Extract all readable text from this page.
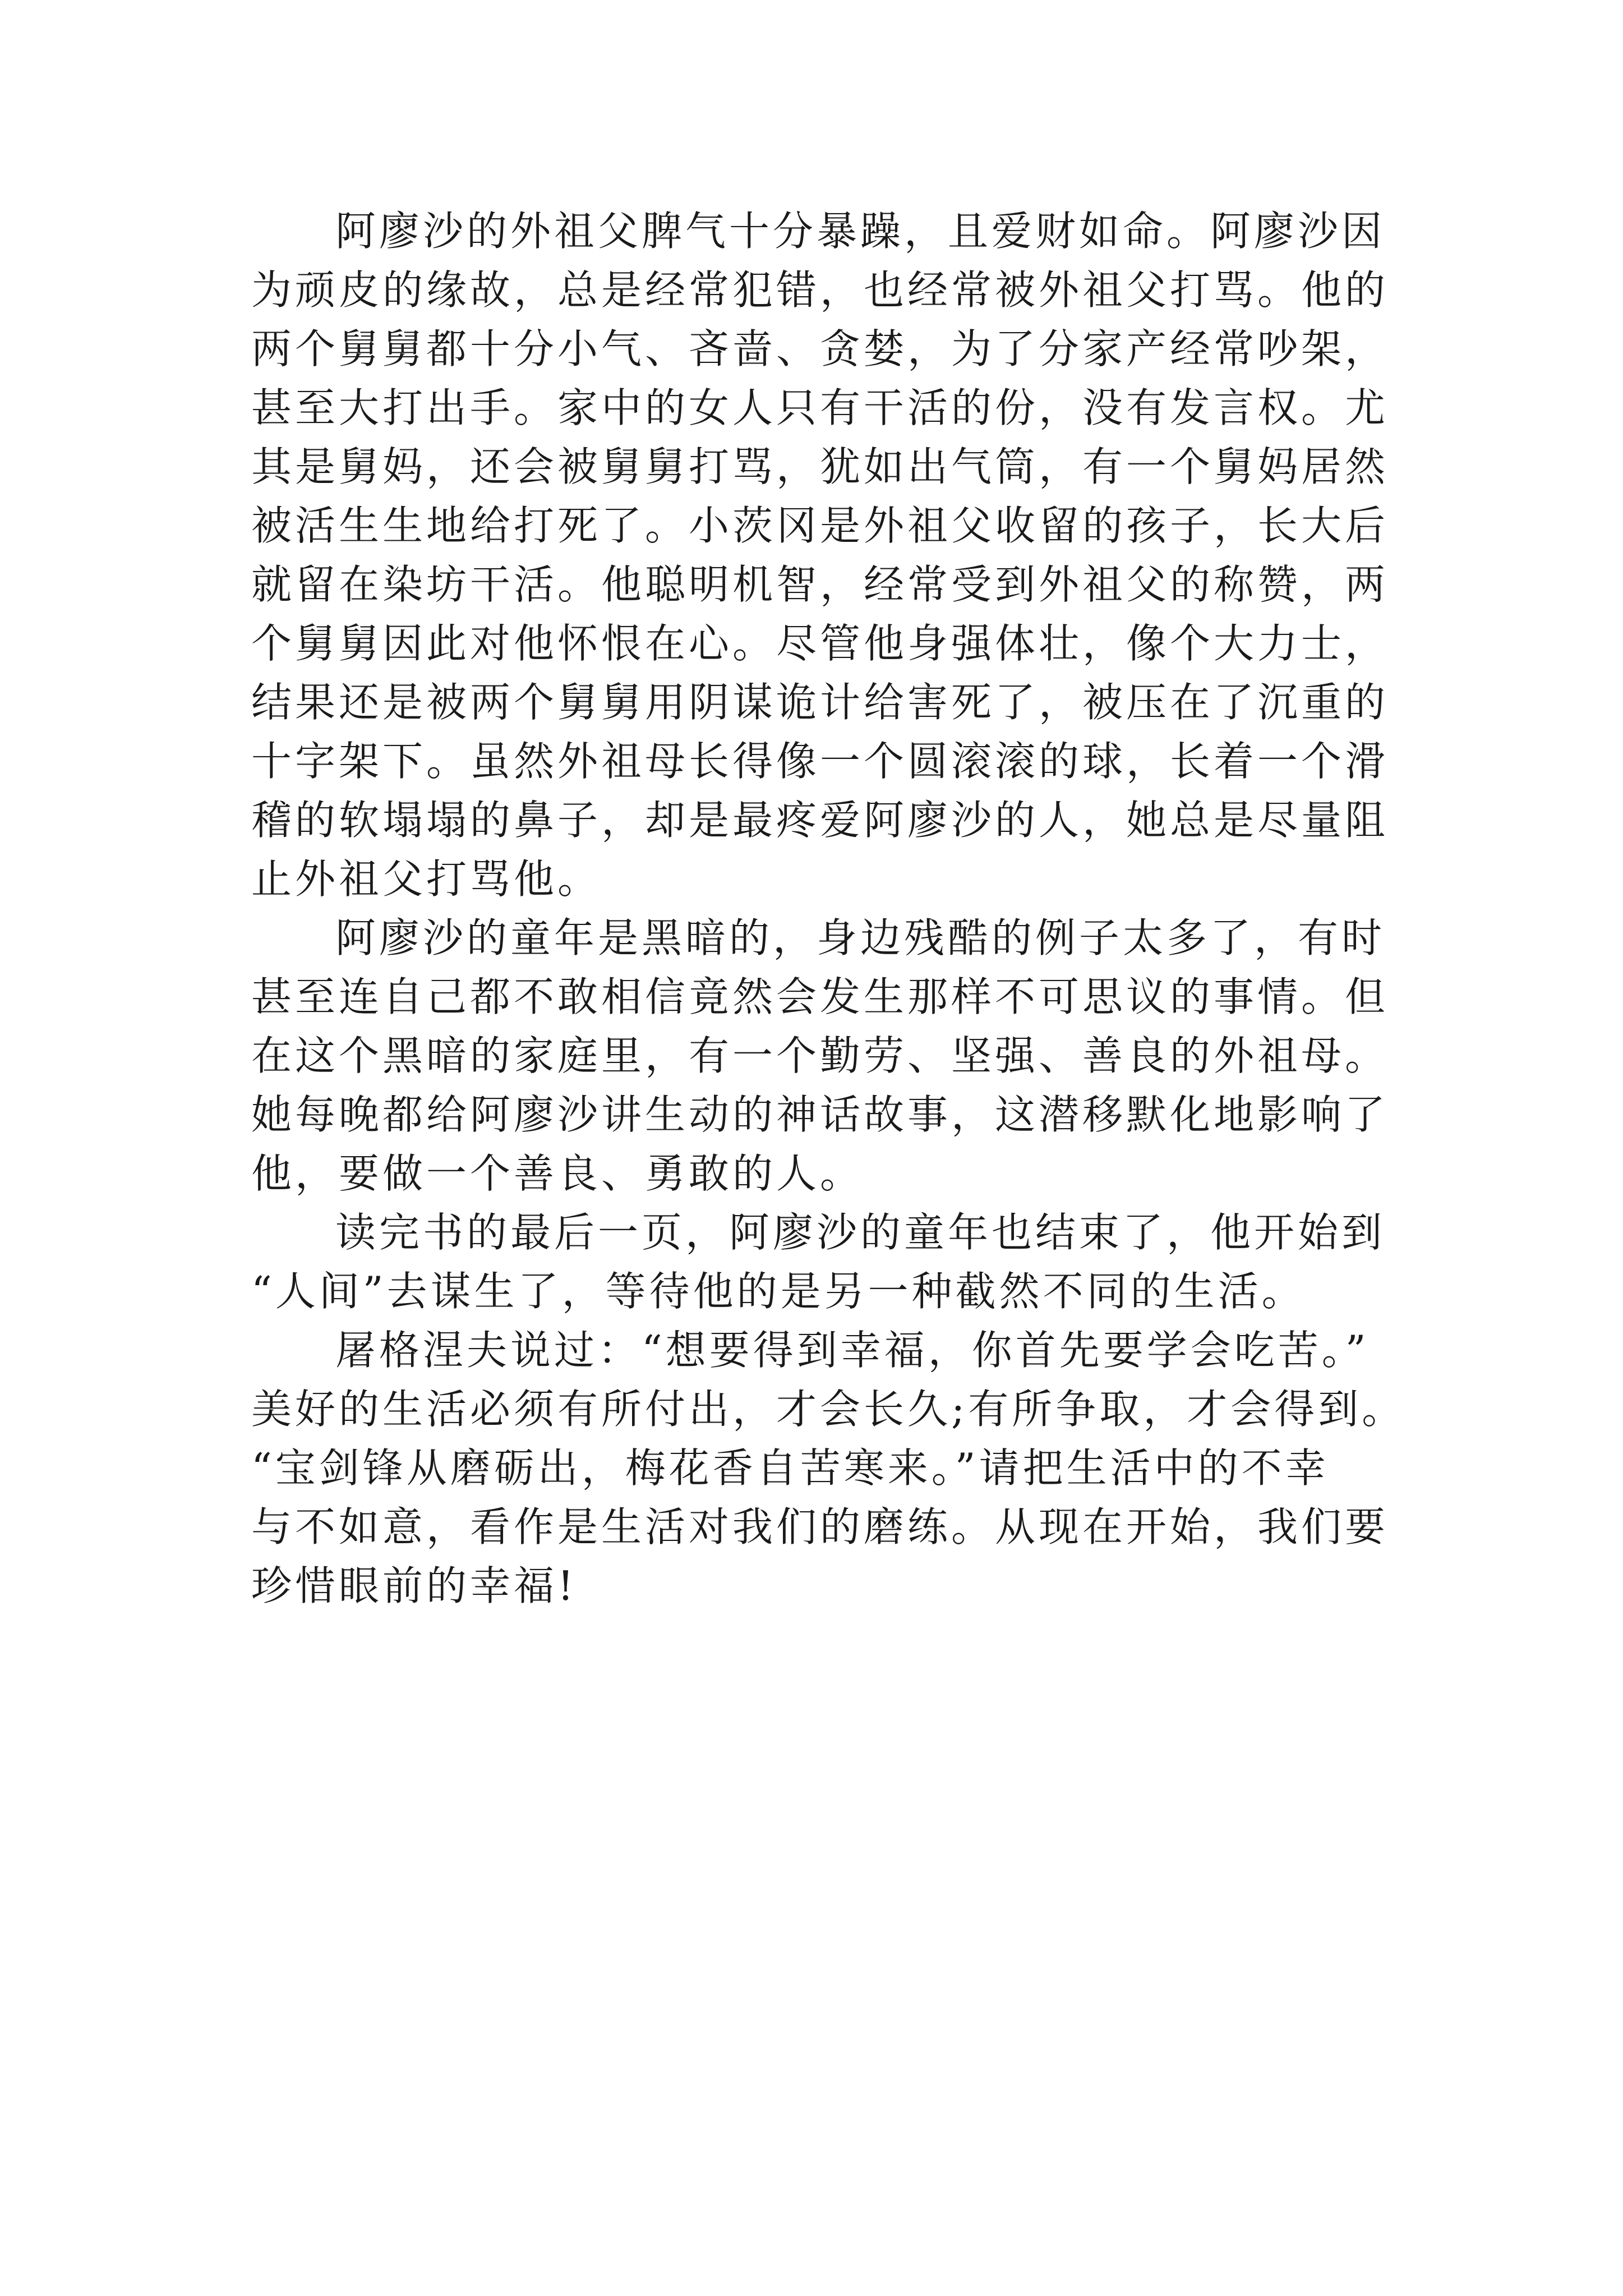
阿廖沙的外祖父脾气十分暴躁，且爱财如命。阿廖沙因
为顽皮的缘故，总是经常犯错，也经常被外祖父打骂。他的
两个舅舅都十分小气、吝啬、贪婪，为了分家产经常吵架，
甚至大打出手。家中的女人只有干活的份，没有发言权。尤
其是舅妈，还会被舅舅打骂，犹如出气筒，有一个舅妈居然
被活生生地给打死了。小茨冈是外祖父收留的孩子，长大后
就留在染坊干活。他聪明机智，经常受到外祖父的称赞，两
个舅舅因此对他怀恨在心。尽管他身强体壮，像个大力士，
结果还是被两个舅舅用阴谋诡计给害死了，被压在了沉重的
十字架下。虽然外祖母长得像一个圆滚滚的球，长着一个滑
稽的软塌塌的鼻子，却是最疼爱阿廖沙的人，她总是尽量阻
止外祖父打骂他。
阿廖沙的童年是黑暗的，身边残酷的例子太多了，有时
甚至连自己都不敢相信竟然会发生那样不可思议的事情。但
在这个黑暗的家庭里，有一个勤劳、坚强、善良的外祖母。
她每晚都给阿廖沙讲生动的神话故事，这潜移默化地影响了
他，要做一个善良、勇敢的人。
读完书的最后一页，阿廖沙的童年也结束了，他开始到
“人间”去谋生了，等待他的是另一种截然不同的生活。
屠格涅夫说过：“想要得到幸福，你首先要学会吃苦。”
美好的生活必须有所付出，才会长久;有所争取，才会得到。
“宝剑锋从磨砺出，梅花香自苦寒来。”请把生活中的不幸
与不如意，看作是生活对我们的磨练。从现在开始，我们要
珍惜眼前的幸福!
